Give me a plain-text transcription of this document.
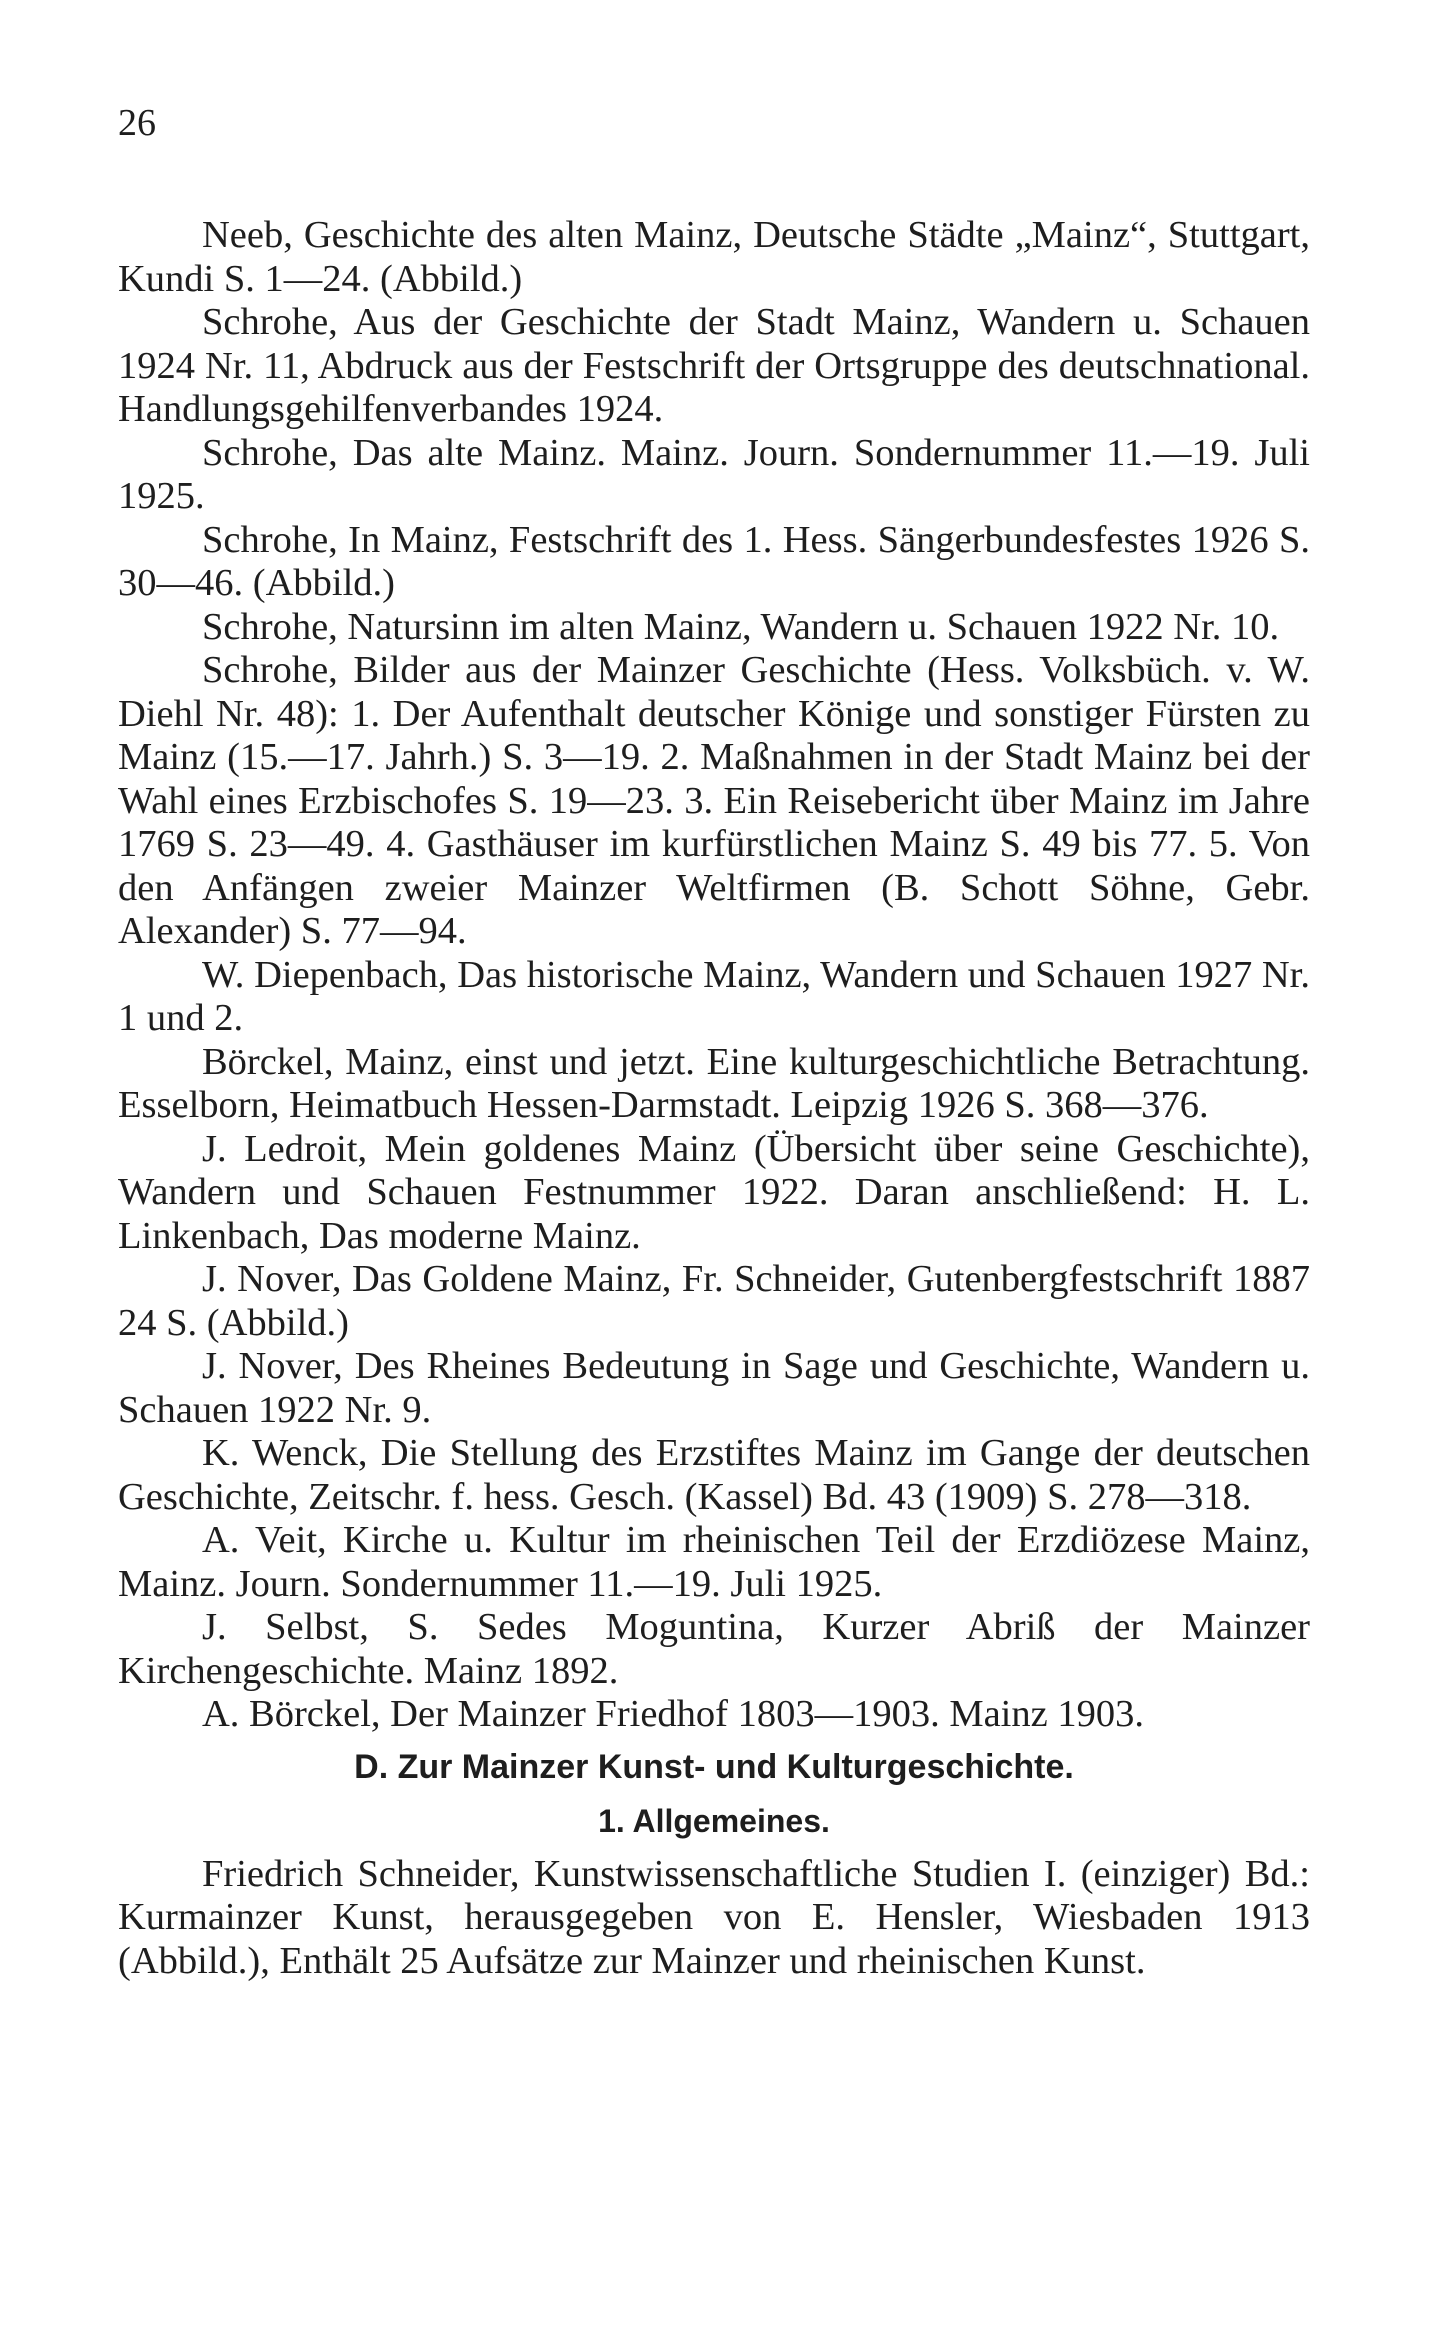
26

Neeb, Geschichte des alten Mainz, Deutsche Städte „Mainz“, Stuttgart, Kundi S. 1—24. (Abbild.)

Schrohe, Aus der Geschichte der Stadt Mainz, Wandern u. Schauen 1924 Nr. 11, Abdruck aus der Festschrift der Ortsgruppe des deutschnational. Handlungsgehilfenverbandes 1924.

Schrohe, Das alte Mainz. Mainz. Journ. Sondernummer 11.—19. Juli 1925.

Schrohe, In Mainz, Festschrift des 1. Hess. Sängerbundesfestes 1926 S. 30—46. (Abbild.)

Schrohe, Natursinn im alten Mainz, Wandern u. Schauen 1922 Nr. 10.

Schrohe, Bilder aus der Mainzer Geschichte (Hess. Volksbüch. v. W. Diehl Nr. 48): 1. Der Aufenthalt deutscher Könige und sonstiger Fürsten zu Mainz (15.—17. Jahrh.) S. 3—19. 2. Maßnahmen in der Stadt Mainz bei der Wahl eines Erzbischofes S. 19—23. 3. Ein Reisebericht über Mainz im Jahre 1769 S. 23—49. 4. Gasthäuser im kurfürstlichen Mainz S. 49 bis 77. 5. Von den Anfängen zweier Mainzer Weltfirmen (B. Schott Söhne, Gebr. Alexander) S. 77—94.

W. Diepenbach, Das historische Mainz, Wandern und Schauen 1927 Nr. 1 und 2.

Börckel, Mainz, einst und jetzt. Eine kulturgeschichtliche Betrachtung. Esselborn, Heimatbuch Hessen-Darmstadt. Leipzig 1926 S. 368—376.

J. Ledroit, Mein goldenes Mainz (Übersicht über seine Geschichte), Wandern und Schauen Festnummer 1922. Daran anschließend: H. L. Linkenbach, Das moderne Mainz.

J. Nover, Das Goldene Mainz, Fr. Schneider, Gutenbergfestschrift 1887 24 S. (Abbild.)

J. Nover, Des Rheines Bedeutung in Sage und Geschichte, Wandern u. Schauen 1922 Nr. 9.

K. Wenck, Die Stellung des Erzstiftes Mainz im Gange der deutschen Geschichte, Zeitschr. f. hess. Gesch. (Kassel) Bd. 43 (1909) S. 278—318.

A. Veit, Kirche u. Kultur im rheinischen Teil der Erzdiözese Mainz, Mainz. Journ. Sondernummer 11.—19. Juli 1925.

J. Selbst, S. Sedes Moguntina, Kurzer Abriß der Mainzer Kirchengeschichte. Mainz 1892.

A. Börckel, Der Mainzer Friedhof 1803—1903. Mainz 1903.

D. Zur Mainzer Kunst- und Kulturgeschichte.
1. Allgemeines.

Friedrich Schneider, Kunstwissenschaftliche Studien I. (einziger) Bd.: Kurmainzer Kunst, herausgegeben von E. Hensler, Wiesbaden 1913 (Abbild.), Enthält 25 Aufsätze zur Mainzer und rheinischen Kunst.
